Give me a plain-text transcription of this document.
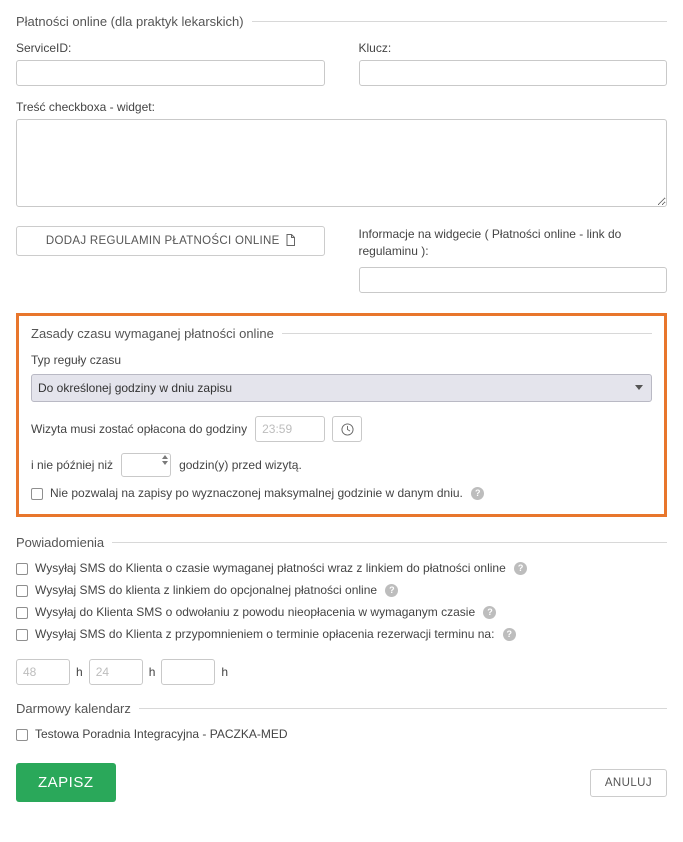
Płatności online (dla praktyk lekarskich)
ServiceID:	Klucz:
Treść checkboxa - widget:
DODAJ REGULAMIN PŁATNOŚCI ONLINE	Informacje na widgecie ( Płatności online - link do regulaminu ):
Zasady czasu wymaganej płatności online
Typ reguły czasu
Do określonej godziny w dniu zapisu
Wizyta musi zostać opłacona do godziny
23:59
i nie później niż	godzin(y) przed wizytą.
Nie pozwalaj na zapisy po wyznaczonej maksymalnej godzinie w danym dniu. ?
Powiadomienia
Wysyłaj SMS do Klienta o czasie wymaganej płatności wraz z linkiem do płatności online ?
Wysyłaj SMS do klienta z linkiem do opcjonalnej płatności online ?
Wysyłaj do Klienta SMS o odwołaniu z powodu nieopłacenia w wymaganym czasie ?
Wysyłaj SMS do Klienta z przypomnieniem o terminie opłacenia rezerwacji terminu na: ?
48
h
24	h	h
Darmowy kalendarz
Testowa Poradnia Integracyjna - PACZKA-MED
ZAPISZ	ANULUJ
